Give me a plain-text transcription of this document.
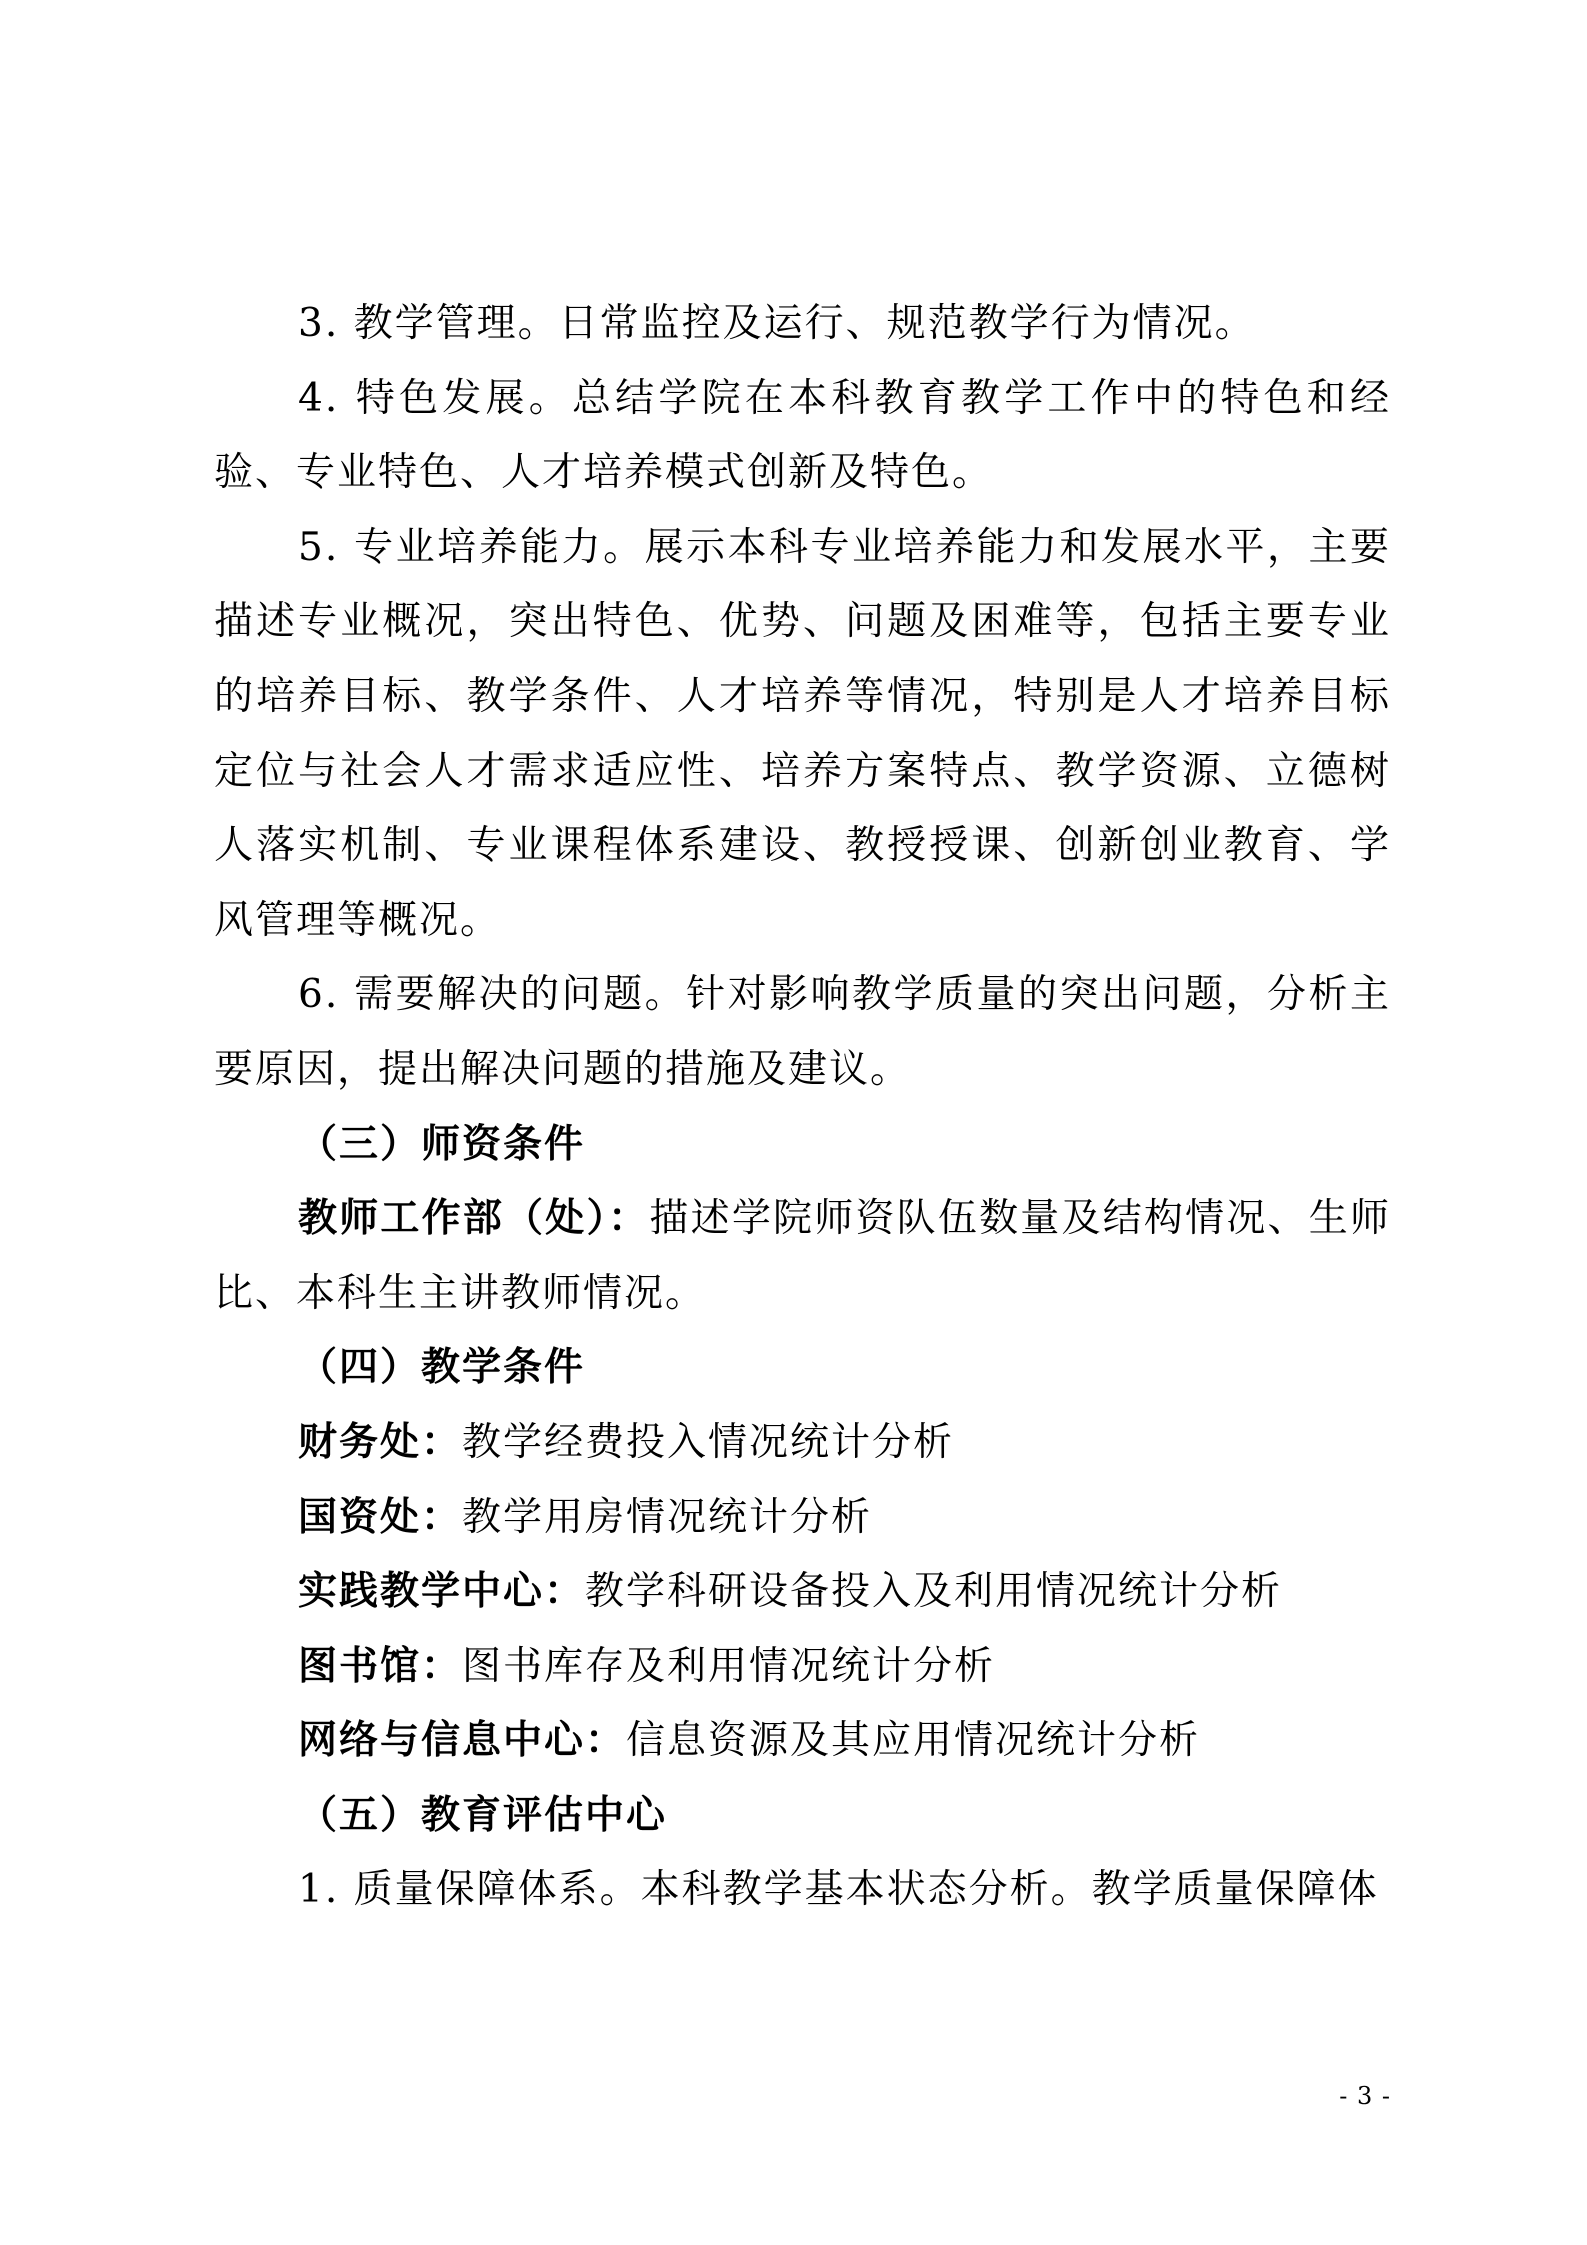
3. 教学管理。日常监控及运行、规范教学行为情况。

4. 特色发展。总结学院在本科教育教学工作中的特色和经验、专业特色、人才培养模式创新及特色。

5. 专业培养能力。展示本科专业培养能力和发展水平，主要描述专业概况，突出特色、优势、问题及困难等，包括主要专业的培养目标、教学条件、人才培养等情况，特别是人才培养目标定位与社会人才需求适应性、培养方案特点、教学资源、立德树人落实机制、专业课程体系建设、教授授课、创新创业教育、学风管理等概况。

6. 需要解决的问题。针对影响教学质量的突出问题，分析主要原因，提出解决问题的措施及建议。

（三）师资条件

教师工作部（处）：描述学院师资队伍数量及结构情况、生师比、本科生主讲教师情况。

（四）教学条件

财务处：教学经费投入情况统计分析

国资处：教学用房情况统计分析

实践教学中心：教学科研设备投入及利用情况统计分析

图书馆：图书库存及利用情况统计分析

网络与信息中心：信息资源及其应用情况统计分析

（五）教育评估中心

1. 质量保障体系。本科教学基本状态分析。教学质量保障体

- 3 -
